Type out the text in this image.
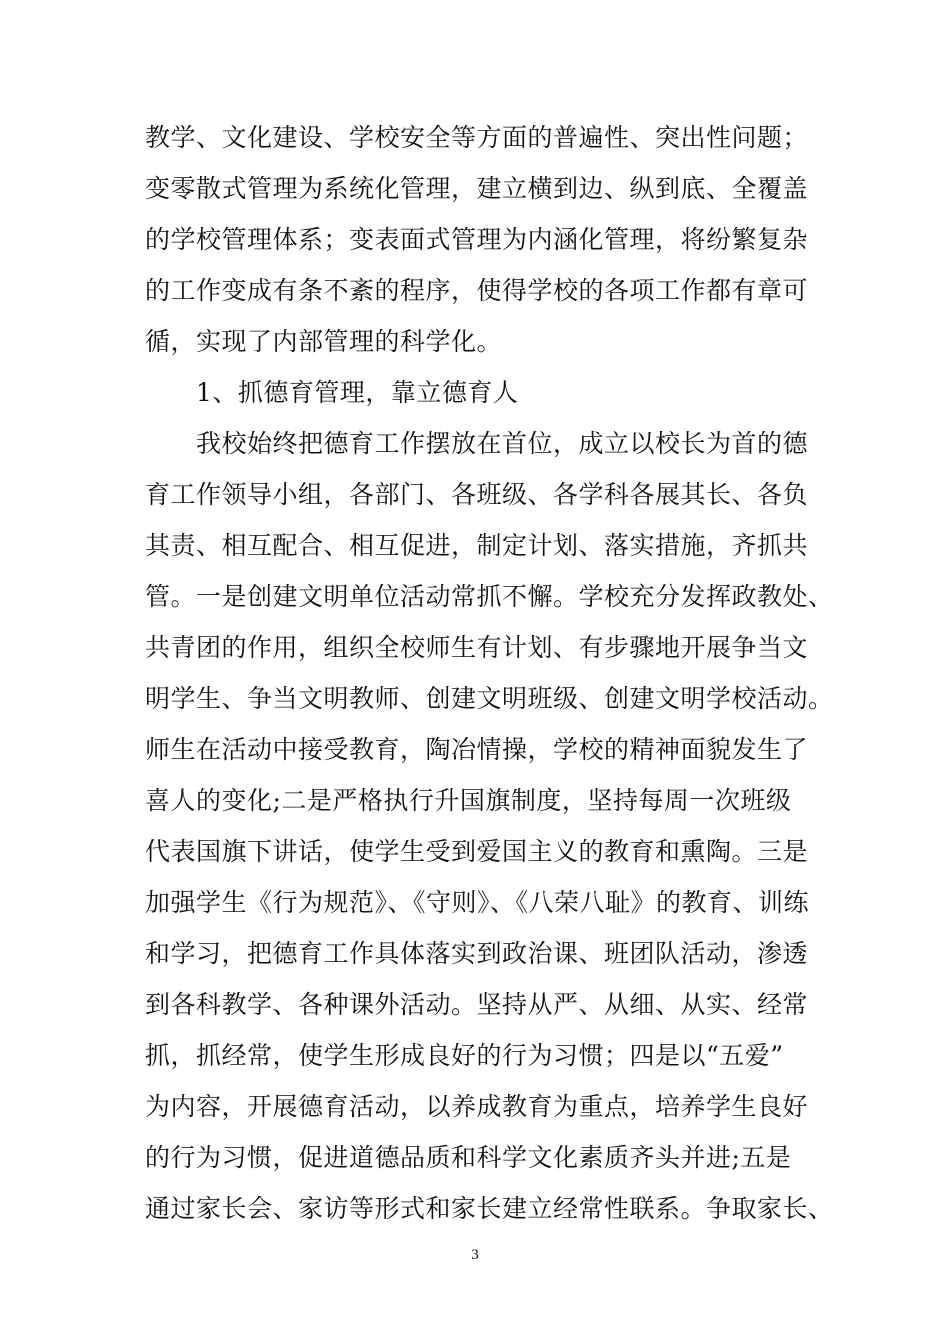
教学、文化建设、学校安全等方面的普遍性、突出性问题；
变零散式管理为系统化管理，建立横到边、纵到底、全覆盖
的学校管理体系；变表面式管理为内涵化管理，将纷繁复杂
的工作变成有条不紊的程序，使得学校的各项工作都有章可
循，实现了内部管理的科学化。
1、抓德育管理，靠立德育人
我校始终把德育工作摆放在首位，成立以校长为首的德
育工作领导小组，各部门、各班级、各学科各展其长、各负
其责、相互配合、相互促进，制定计划、落实措施，齐抓共
管。一是创建文明单位活动常抓不懈。学校充分发挥政教处、
共青团的作用，组织全校师生有计划、有步骤地开展争当文
明学生、争当文明教师、创建文明班级、创建文明学校活动。
师生在活动中接受教育，陶冶情操，学校的精神面貌发生了
喜人的变化;二是严格执行升国旗制度，坚持每周一次班级
代表国旗下讲话，使学生受到爱国主义的教育和熏陶。三是
加强学生《行为规范》、《守则》、《八荣八耻》的教育、训练
和学习，把德育工作具体落实到政治课、班团队活动，渗透
到各科教学、各种课外活动。坚持从严、从细、从实、经常
抓，抓经常，使学生形成良好的行为习惯；四是以“五爱”
为内容，开展德育活动，以养成教育为重点，培养学生良好
的行为习惯，促进道德品质和科学文化素质齐头并进;五是
通过家长会、家访等形式和家长建立经常性联系。争取家长、
3
